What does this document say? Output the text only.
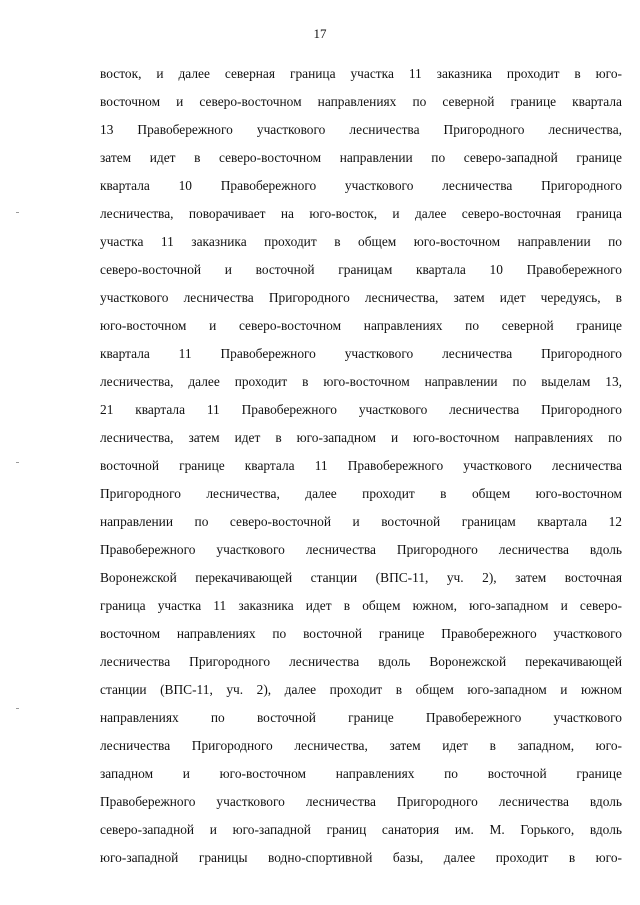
17
восток, и далее северная граница участка 11 заказника проходит в юго-
восточном и северо-восточном направлениях по северной границе квартала
13 Правобережного участкового лесничества Пригородного лесничества,
затем идет в северо-восточном направлении по северо-западной границе
квартала 10 Правобережного участкового лесничества Пригородного
лесничества, поворачивает на юго-восток, и далее северо-восточная граница
участка 11 заказника проходит в общем юго-восточном направлении по
северо-восточной и восточной границам квартала 10 Правобережного
участкового лесничества Пригородного лесничества, затем идет чередуясь, в
юго-восточном и северо-восточном направлениях по северной границе
квартала 11 Правобережного участкового лесничества Пригородного
лесничества, далее проходит в юго-восточном направлении по выделам 13,
21 квартала 11 Правобережного участкового лесничества Пригородного
лесничества, затем идет в юго-западном и юго-восточном направлениях по
восточной границе квартала 11 Правобережного участкового лесничества
Пригородного лесничества, далее проходит в общем юго-восточном
направлении по северо-восточной и восточной границам квартала 12
Правобережного участкового лесничества Пригородного лесничества вдоль
Воронежской перекачивающей станции (ВПС-11, уч. 2), затем восточная
граница участка 11 заказника идет в общем южном, юго-западном и северо-
восточном направлениях по восточной границе Правобережного участкового
лесничества Пригородного лесничества вдоль Воронежской перекачивающей
станции (ВПС-11, уч. 2), далее проходит в общем юго-западном и южном
направлениях по восточной границе Правобережного участкового
лесничества Пригородного лесничества, затем идет в западном, юго-
западном и юго-восточном направлениях по восточной границе
Правобережного участкового лесничества Пригородного лесничества вдоль
северо-западной и юго-западной границ санатория им. М. Горького, вдоль
юго-западной границы водно-спортивной базы, далее проходит в юго-
